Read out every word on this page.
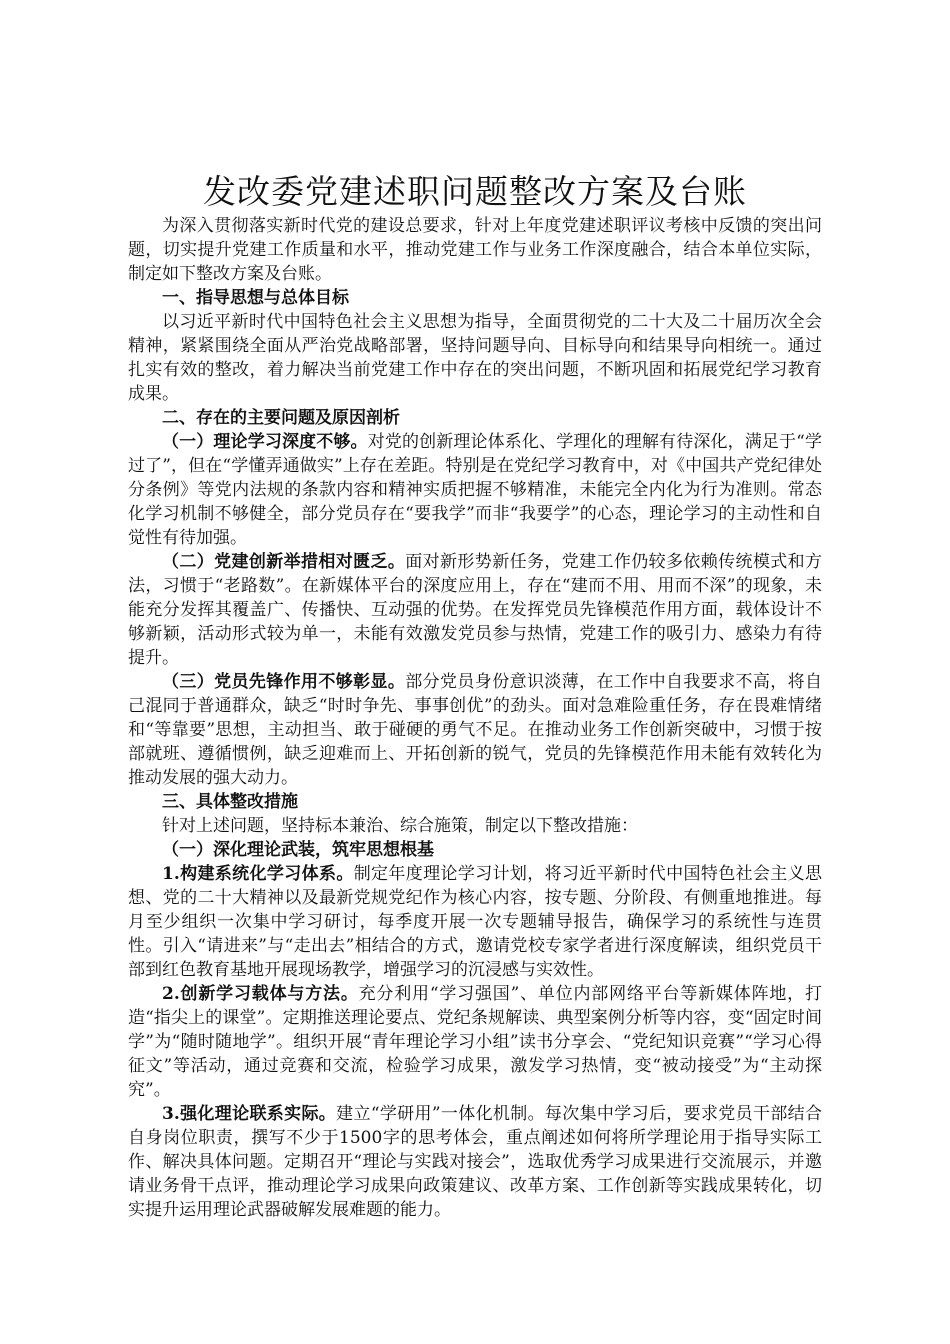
发改委党建述职问题整改方案及台账

为深入贯彻落实新时代党的建设总要求，针对上年度党建述职评议考核中反馈的突出问题，切实提升党建工作质量和水平，推动党建工作与业务工作深度融合，结合本单位实际，制定如下整改方案及台账。

一、指导思想与总体目标

以习近平新时代中国特色社会主义思想为指导，全面贯彻党的二十大及二十届历次全会精神，紧紧围绕全面从严治党战略部署，坚持问题导向、目标导向和结果导向相统一。通过扎实有效的整改，着力解决当前党建工作中存在的突出问题，不断巩固和拓展党纪学习教育成果。

二、存在的主要问题及原因剖析

（一）理论学习深度不够。对党的创新理论体系化、学理化的理解有待深化，满足于“学过了”，但在“学懂弄通做实”上存在差距。特别是在党纪学习教育中，对《中国共产党纪律处分条例》等党内法规的条款内容和精神实质把握不够精准，未能完全内化为行为准则。常态化学习机制不够健全，部分党员存在“要我学”而非“我要学”的心态，理论学习的主动性和自觉性有待加强。

（二）党建创新举措相对匮乏。面对新形势新任务，党建工作仍较多依赖传统模式和方法，习惯于“老路数”。在新媒体平台的深度应用上，存在“建而不用、用而不深”的现象，未能充分发挥其覆盖广、传播快、互动强的优势。在发挥党员先锋模范作用方面，载体设计不够新颖，活动形式较为单一，未能有效激发党员参与热情，党建工作的吸引力、感染力有待提升。

（三）党员先锋作用不够彰显。部分党员身份意识淡薄，在工作中自我要求不高，将自己混同于普通群众，缺乏“时时争先、事事创优”的劲头。面对急难险重任务，存在畏难情绪和“等靠要”思想，主动担当、敢于碰硬的勇气不足。在推动业务工作创新突破中，习惯于按部就班、遵循惯例，缺乏迎难而上、开拓创新的锐气，党员的先锋模范作用未能有效转化为推动发展的强大动力。

三、具体整改措施

针对上述问题，坚持标本兼治、综合施策，制定以下整改措施：

（一）深化理论武装，筑牢思想根基

1.构建系统化学习体系。制定年度理论学习计划，将习近平新时代中国特色社会主义思想、党的二十大精神以及最新党规党纪作为核心内容，按专题、分阶段、有侧重地推进。每月至少组织一次集中学习研讨，每季度开展一次专题辅导报告，确保学习的系统性与连贯性。引入“请进来”与“走出去”相结合的方式，邀请党校专家学者进行深度解读，组织党员干部到红色教育基地开展现场教学，增强学习的沉浸感与实效性。

2.创新学习载体与方法。充分利用“学习强国”、单位内部网络平台等新媒体阵地，打造“指尖上的课堂”。定期推送理论要点、党纪条规解读、典型案例分析等内容，变“固定时间学”为“随时随地学”。组织开展“青年理论学习小组”读书分享会、“党纪知识竞赛”“学习心得征文”等活动，通过竞赛和交流，检验学习成果，激发学习热情，变“被动接受”为“主动探究”。

3.强化理论联系实际。建立“学研用”一体化机制。每次集中学习后，要求党员干部结合自身岗位职责，撰写不少于1500字的思考体会，重点阐述如何将所学理论用于指导实际工作、解决具体问题。定期召开“理论与实践对接会”，选取优秀学习成果进行交流展示，并邀请业务骨干点评，推动理论学习成果向政策建议、改革方案、工作创新等实践成果转化，切实提升运用理论武器破解发展难题的能力。
